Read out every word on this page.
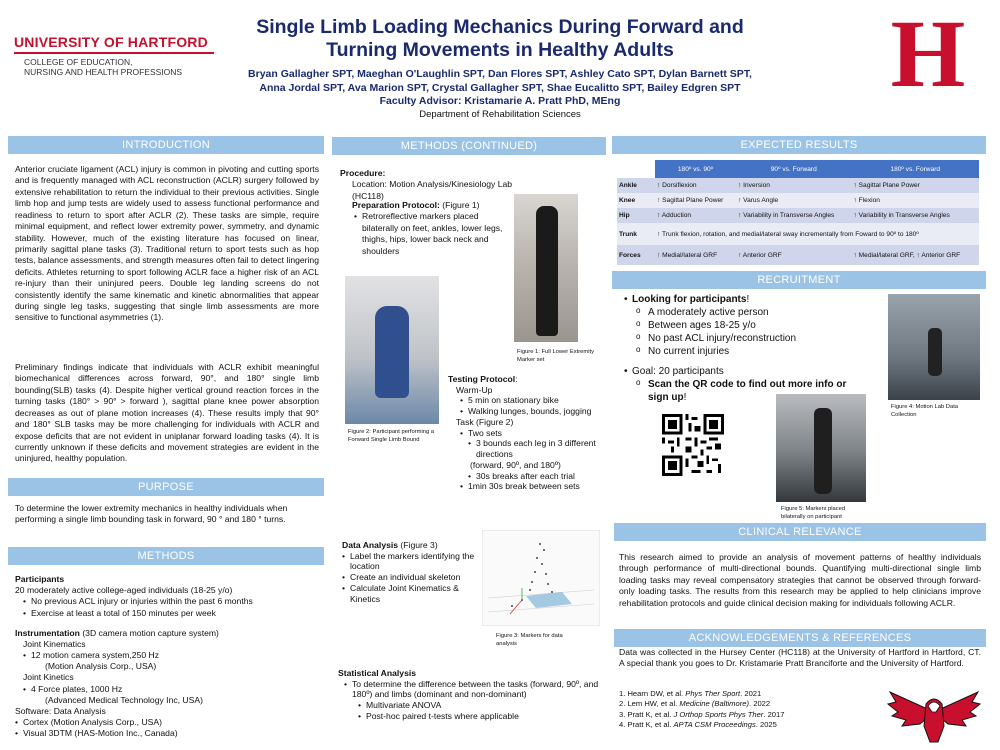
UNIVERSITY OF HARTFORD
COLLEGE OF EDUCATION,
NURSING AND HEALTH PROFESSIONS
Single Limb Loading Mechanics During Forward and
Turning Movements in Healthy Adults
Bryan Gallagher SPT, Maeghan O'Laughlin SPT, Dan Flores SPT, Ashley Cato SPT, Dylan Barnett SPT,
Anna Jordal SPT, Ava Marion SPT, Crystal Gallagher SPT, Shae Eucalitto SPT, Bailey Edgren SPT
Faculty Advisor: Kristamarie A. Pratt PhD, MEng
Department of Rehabilitation Sciences
H
INTRODUCTION
Anterior cruciate ligament (ACL) injury is common in pivoting and cutting sports and is frequently managed with ACL reconstruction (ACLR) surgery followed by extensive rehabilitation to return the individual to their previous activities. Single limb hop and jump tests are widely used to assess functional performance and readiness to return to sport after ACLR (2). These tasks are simple, require minimal equipment, and reflect lower extremity power, symmetry, and dynamic stability. However, much of the existing literature has focused on linear, primarily sagittal plane tasks (3). Traditional return to sport tests such as hop tests, balance assessments, and strength measures often fail to detect lingering deficits. Athletes returning to sport following ACLR face a higher risk of an ACL re-injury than their uninjured peers. Double leg landing screens do not consistently identify the same kinematic and kinetic abnormalities that appear during single leg tasks, suggesting that single limb assessments are more sensitive to functional asymmetries (1).
Preliminary findings indicate that individuals with ACLR exhibit meaningful biomechanical differences across forward, 90°, and 180° single limb bounding(SLB) tasks (4). Despite higher vertical ground reaction forces in the turning tasks (180° > 90° > forward ), sagittal plane knee power absorption decreases as out of plane motion increases (4). These results imply that 90° and 180° SLB tasks may be more challenging for individuals with ACLR and expose deficits that are not evident in uniplanar forward loading tasks (4). It is currently unknown if these deficits and movement strategies are evident in the uninjured, healthy population.
PURPOSE
To determine the lower extremity mechanics in healthy individuals when performing a single limb bounding task in forward, 90 ° and 180 ° turns.
METHODS
Participants
20 moderately active college-aged individuals (18-25 y/o)
• No previous ACL injury or injuries within the past 6 months
• Exercise at least a total of 150 minutes per week
Instrumentation (3D camera motion capture system)
Joint Kinematics
• 12 motion camera system,250 Hz
(Motion Analysis Corp., USA)
Joint Kinetics
• 4 Force plates, 1000 Hz
(Advanced Medical Technology Inc, USA)
Software: Data Analysis
• Cortex (Motion Analysis Corp., USA)
• Visual 3DTM (HAS-Motion Inc., Canada)
METHODS (CONTINUED)
Procedure:
Location: Motion Analysis/Kinesiology Lab (HC118)
Preparation Protocol: (Figure 1)
• Retroreflective markers placed bilaterally on feet, ankles, lower legs, thighs, hips, lower back neck and shoulders
Figure 1: Full Lower Extremity Marker set
Figure 2: Participant performing a Forward Single Limb Bound
Testing Protocol:
Warm-Up
• 5 min on stationary bike
• Walking lunges, bounds, jogging
Task (Figure 2)
• Two sets
• 3 bounds each leg in 3 different directions
(forward, 90º, and 180º)
• 30s breaks after each trial
• 1min 30s break between sets
Data Analysis (Figure 3)
• Label the markers identifying the location
• Create an individual skeleton
• Calculate Joint Kinematics & Kinetics
Figure 3: Markers for data analysis
Statistical Analysis
• To determine the difference between the tasks (forward, 90º, and 180º) and limbs (dominant and non-dominant)
• Multivariate ANOVA
• Post-hoc paired t-tests where applicable
EXPECTED RESULTS
	180º vs. 90º	90º vs. Forward	180º vs. Forward
Ankle	↑ Dorsiflexion	↑ Inversion	↑ Sagittal Plane Power
Knee	↑ Sagittal Plane Power	↑ Varus Angle	↑ Flexion
Hip	↑ Adduction	↑ Variability in Transverse Angles	↑ Variability in Transverse Angles
Trunk	↑ Trunk flexion, rotation, and medial/lateral sway incrementally from Foward to 90º to 180º		
Forces	↑ Medial/lateral GRF	↑ Anterior GRF	↑ Medial/lateral GRF, ↑ Anterior GRF
RECRUITMENT
• Looking for participants!
o A moderately active person
o Between ages 18-25 y/o
o No past ACL injury/reconstruction
o No current injuries
• Goal: 20 participants
o Scan the QR code to find out more info or sign up!
Figure 4: Motion Lab Data Collection
Figure 5: Markers placed bilaterally on participant
CLINICAL RELEVANCE
This research aimed to provide an analysis of movement patterns of healthy individuals through performance of multi-directional bounds. Quantifying multi-directional single limb loading tasks may reveal compensatory strategies that cannot be observed through forward-only loading tasks. The results from this research may be applied to help clinicians improve rehabilitation protocols and guide clinical decision making for individuals following ACLR.
ACKNOWLEDGEMENTS & REFERENCES
Data was collected in the Hursey Center (HC118) at the University of Hartford in Hartford, CT. A special thank you goes to Dr. Kristamarie Pratt Branciforte and the University of Hartford.
1. Hearn DW, et al. Phys Ther Sport. 2021
2. Lem HW, et al. Medicine (Baltimore). 2022
3. Pratt K, et al. J Orthop Sports Phys Ther. 2017
4. Pratt K, et al. APTA CSM Proceedings. 2025
